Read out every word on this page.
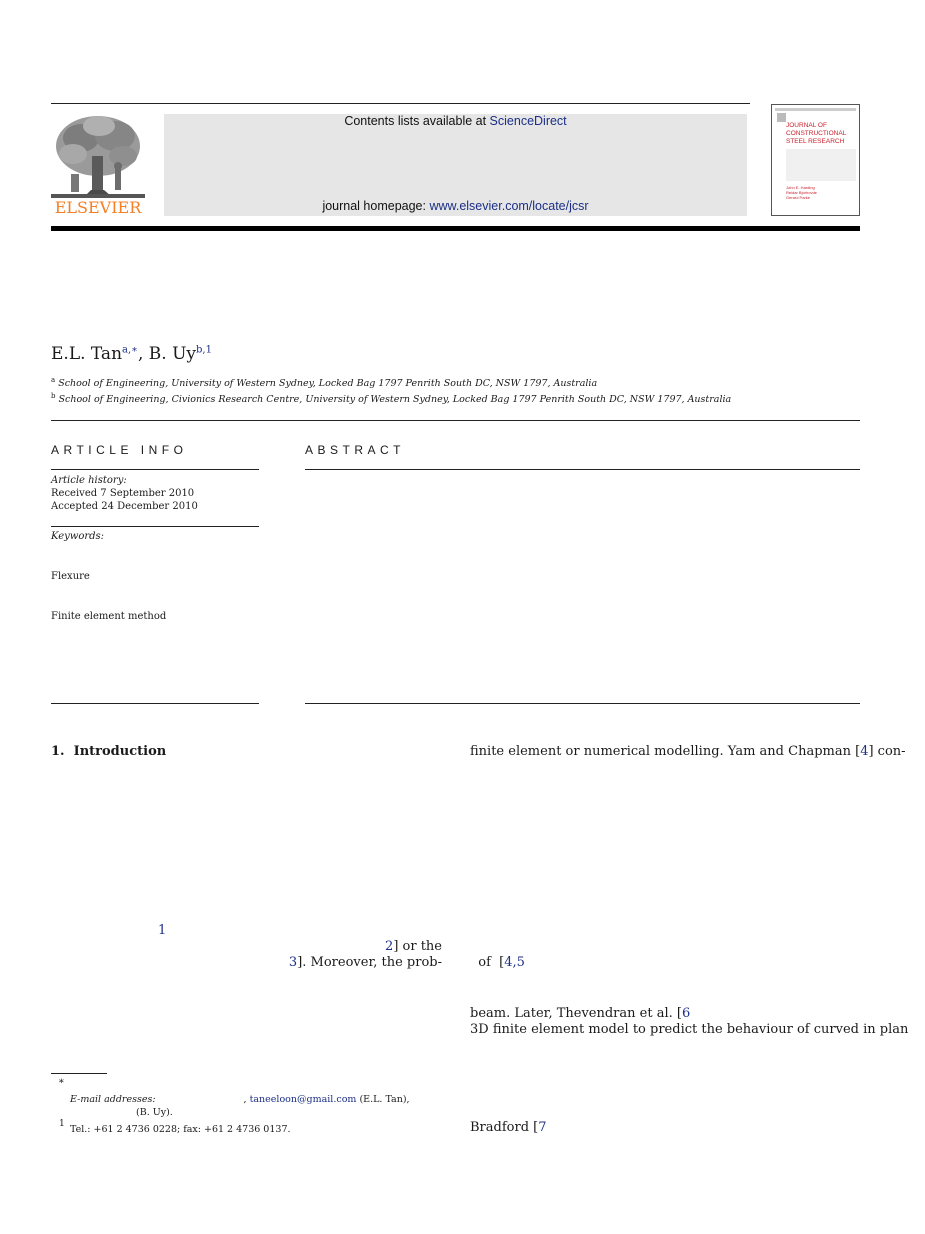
ELSEVIER
Contents lists available at ScienceDirect
journal homepage: www.elsevier.com/locate/jcsr
JOURNAL OF
CONSTRUCTIONAL
STEEL RESEARCH
John E. Harding
Reidar Bjorhovde
Gerard Parke
E.L. Tan$^{a,∗}$, B. Uy$^{b,1}$
$^a$ School of Engineering, University of Western Sydney, Locked Bag 1797 Penrith South DC, NSW 1797, Australia
$^b$ School of Engineering, Civionics Research Centre, University of Western Sydney, Locked Bag 1797 Penrith South DC, NSW 1797, Australia
ARTICLE INFO
Article history:
Received 7 September 2010
Accepted 24 December 2010
Keywords:
Flexure
Finite element method
ABSTRACT
1.  Introduction
1
2] or the
3]. Moreover, the prob-
finite element or numerical modelling. Yam and Chapman [4] con-

of  [4,5

beam. Later, Thevendran et al. [6
3D finite element model to predict the behaviour of curved in plan
Bradford [7
∗
E-mail addresses:	, taneeloon@gmail.com (E.L. Tan),
(B. Uy).
1 Tel.: +61 2 4736 0228; fax: +61 2 4736 0137.
